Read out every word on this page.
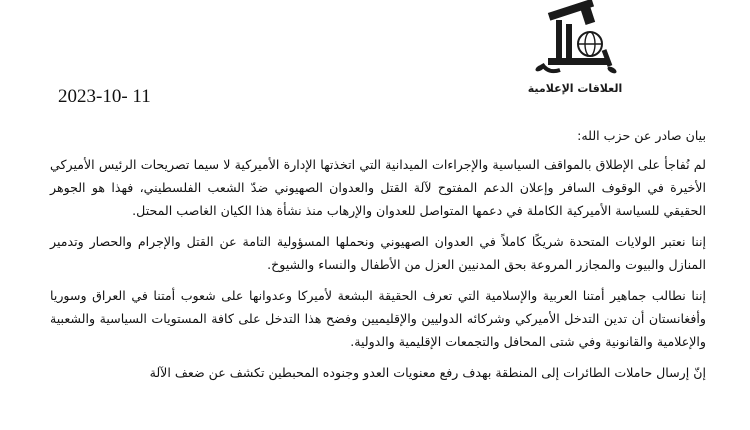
العلاقات الإعلامية
2023-10- 11

بيان صادر عن حزب الله:

لم نُفاجأ على الإطلاق بالمواقف السياسية والإجراءات الميدانية التي اتخذتها الإدارة الأميركية لا سيما تصريحات الرئيس الأميركي الأخيرة في الوقوف السافر وإعلان الدعم المفتوح لآلة القتل والعدوان الصهيوني ضدّ الشعب الفلسطيني، فهذا هو الجوهر الحقيقي للسياسة الأميركية الكاملة في دعمها المتواصل للعدوان والإرهاب منذ نشأة هذا الكيان الغاصب المحتل.

إننا نعتبر الولايات المتحدة شريكًا كاملاً في العدوان الصهيوني ونحملها المسؤولية التامة عن القتل والإجرام والحصار وتدمير المنازل والبيوت والمجازر المروعة بحق المدنيين العزل من الأطفال والنساء والشيوخ.

إننا نطالب جماهير أمتنا العربية والإسلامية التي تعرف الحقيقة البشعة لأميركا وعدوانها على شعوب أمتنا في العراق وسوريا وأفغانستان أن تدين التدخل الأميركي وشركائه الدوليين والإقليميين وفضح هذا التدخل على كافة المستويات السياسية والشعبية والإعلامية والقانونية وفي شتى المحافل والتجمعات الإقليمية والدولية.

إنّ إرسال حاملات الطائرات إلى المنطقة بهدف رفع معنويات العدو وجنوده المحبطين تكشف عن ضعف الآلة
